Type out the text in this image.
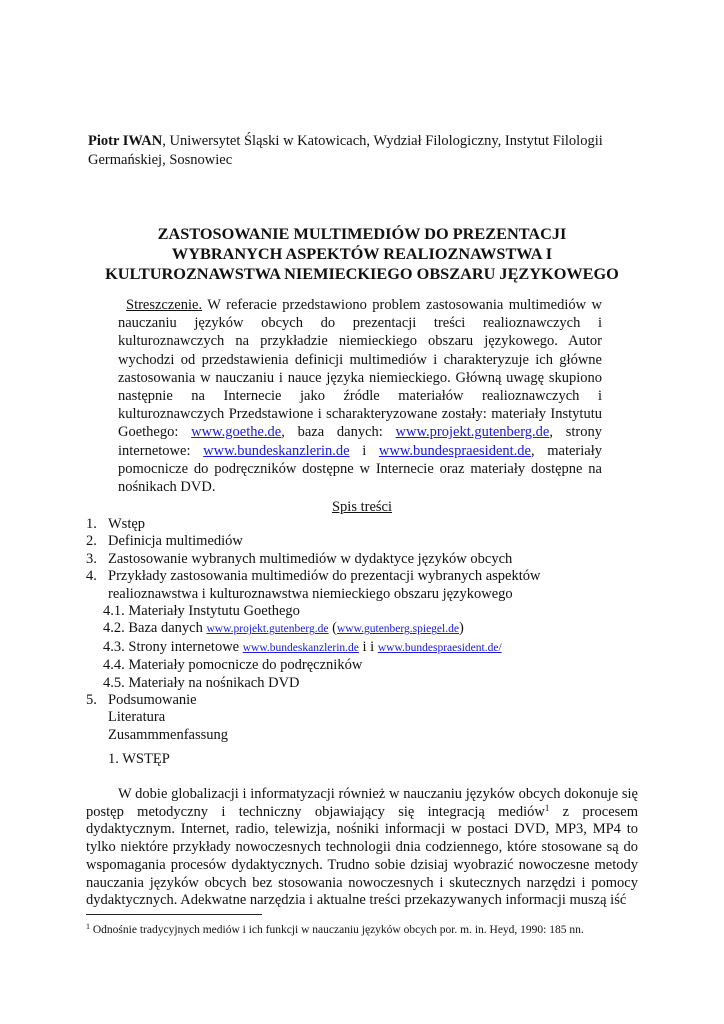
Piotr IWAN, Uniwersytet Śląski w Katowicach, Wydział Filologiczny, Instytut Filologii
Germańskiej, Sosnowiec
ZASTOSOWANIE MULTIMEDIÓW DO PREZENTACJI
WYBRANYCH ASPEKTÓW REALIOZNAWSTWA I
KULTUROZNAWSTWA NIEMIECKIEGO OBSZARU JĘZYKOWEGO
Streszczenie. W referacie przedstawiono problem zastosowania multimediów w nauczaniu języków obcych do prezentacji treści realioznawczych i kulturoznawczych na przykładzie niemieckiego obszaru językowego. Autor wychodzi od przedstawienia definicji multimediów i charakteryzuje ich główne zastosowania w nauczaniu i nauce języka niemieckiego. Główną uwagę skupiono następnie na Internecie jako źródle materiałów realioznawczych i kulturoznawczych Przedstawione i scharakteryzowane zostały: materiały Instytutu Goethego: www.goethe.de, baza danych: www.projekt.gutenberg.de, strony internetowe: www.bundeskanzlerin.de i www.bundespraesident.de, materiały pomocnicze do podręczników dostępne w Internecie oraz materiały dostępne na nośnikach DVD.
Spis treści
1. Wstęp
2. Definicja multimediów
3. Zastosowanie wybranych multimediów w dydaktyce języków obcych
4. Przykłady zastosowania multimediów do prezentacji wybranych aspektów
realioznawstwa i kulturoznawstwa niemieckiego obszaru językowego
4.1. Materiały Instytutu Goethego
4.2. Baza danych www.projekt.gutenberg.de (www.gutenberg.spiegel.de)
4.3. Strony internetowe www.bundeskanzlerin.de i i www.bundespraesident.de/
4.4. Materiały pomocnicze do podręczników
4.5. Materiały na nośnikach DVD
5. Podsumowanie
Literatura
Zusammmenfassung
1. WSTĘP
W dobie globalizacji i informatyzacji również w nauczaniu języków obcych dokonuje się postęp metodyczny i techniczny objawiający się integracją mediów$^1$ z procesem dydaktycznym. Internet, radio, telewizja, nośniki informacji w postaci DVD, MP3, MP4 to tylko niektóre przykłady nowoczesnych technologii dnia codziennego, które stosowane są do wspomagania procesów dydaktycznych. Trudno sobie dzisiaj wyobrazić nowoczesne metody nauczania języków obcych bez stosowania nowoczesnych i skutecznych narzędzi i pomocy dydaktycznych. Adekwatne narzędzia i aktualne treści przekazywanych informacji muszą iść
$^1$ Odnośnie tradycyjnych mediów i ich funkcji w nauczaniu języków obcych por. m. in. Heyd, 1990: 185 nn.
